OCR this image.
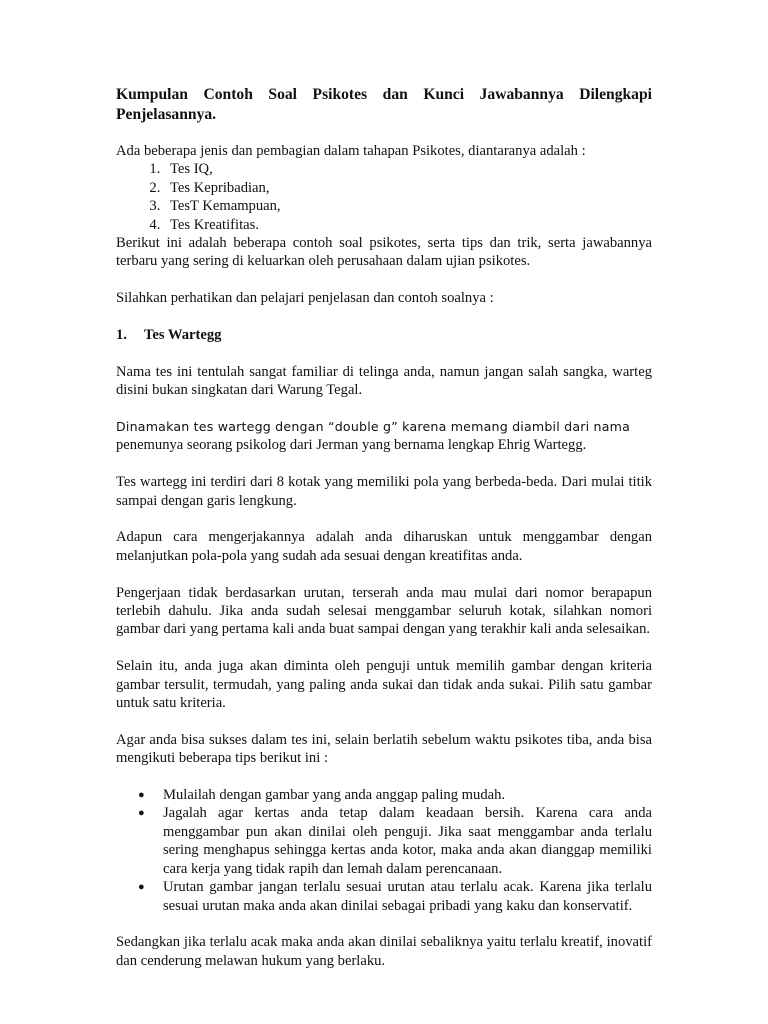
Kumpulan Contoh Soal Psikotes dan Kunci Jawabannya Dilengkapi Penjelasannya.

Ada beberapa jenis dan pembagian dalam tahapan Psikotes, diantaranya adalah :

1. Tes IQ,
2. Tes Kepribadian,
3. TesT Kemampuan,
4. Tes Kreatifitas.

Berikut ini adalah beberapa contoh soal psikotes, serta tips dan trik, serta jawabannya terbaru yang sering di keluarkan oleh perusahaan dalam ujian psikotes.

Silahkan perhatikan dan pelajari penjelasan dan contoh soalnya :

1.	Tes Wartegg

Nama tes ini tentulah sangat familiar di telinga anda, namun jangan salah sangka, warteg disini bukan singkatan dari Warung Tegal.

Dinamakan tes wartegg dengan “double g” karena memang diambil dari nama
penemunya seorang psikolog dari Jerman yang bernama lengkap Ehrig Wartegg.

Tes wartegg ini terdiri dari 8 kotak yang memiliki pola yang berbeda-beda. Dari mulai titik sampai dengan garis lengkung.

Adapun cara mengerjakannya adalah anda diharuskan untuk menggambar dengan melanjutkan pola-pola yang sudah ada sesuai dengan kreatifitas anda.

Pengerjaan tidak berdasarkan urutan, terserah anda mau mulai dari nomor berapapun terlebih dahulu. Jika anda sudah selesai menggambar seluruh kotak, silahkan nomori gambar dari yang pertama kali anda buat sampai dengan yang terakhir kali anda selesaikan.

Selain itu, anda juga akan diminta oleh penguji untuk memilih gambar dengan kriteria gambar tersulit, termudah, yang paling anda sukai dan tidak anda sukai. Pilih satu gambar untuk satu kriteria.

Agar anda bisa sukses dalam tes ini, selain berlatih sebelum waktu psikotes tiba, anda bisa mengikuti beberapa tips berikut ini :

● Mulailah dengan gambar yang anda anggap paling mudah.
● Jagalah agar kertas anda tetap dalam keadaan bersih. Karena cara anda menggambar pun akan dinilai oleh penguji. Jika saat menggambar anda terlalu sering menghapus sehingga kertas anda kotor, maka anda akan dianggap memiliki cara kerja yang tidak rapih dan lemah dalam perencanaan.
● Urutan gambar jangan terlalu sesuai urutan atau terlalu acak. Karena jika terlalu sesuai urutan maka anda akan dinilai sebagai pribadi yang kaku dan konservatif.

Sedangkan jika terlalu acak maka anda akan dinilai sebaliknya yaitu terlalu kreatif, inovatif dan cenderung melawan hukum yang berlaku.
